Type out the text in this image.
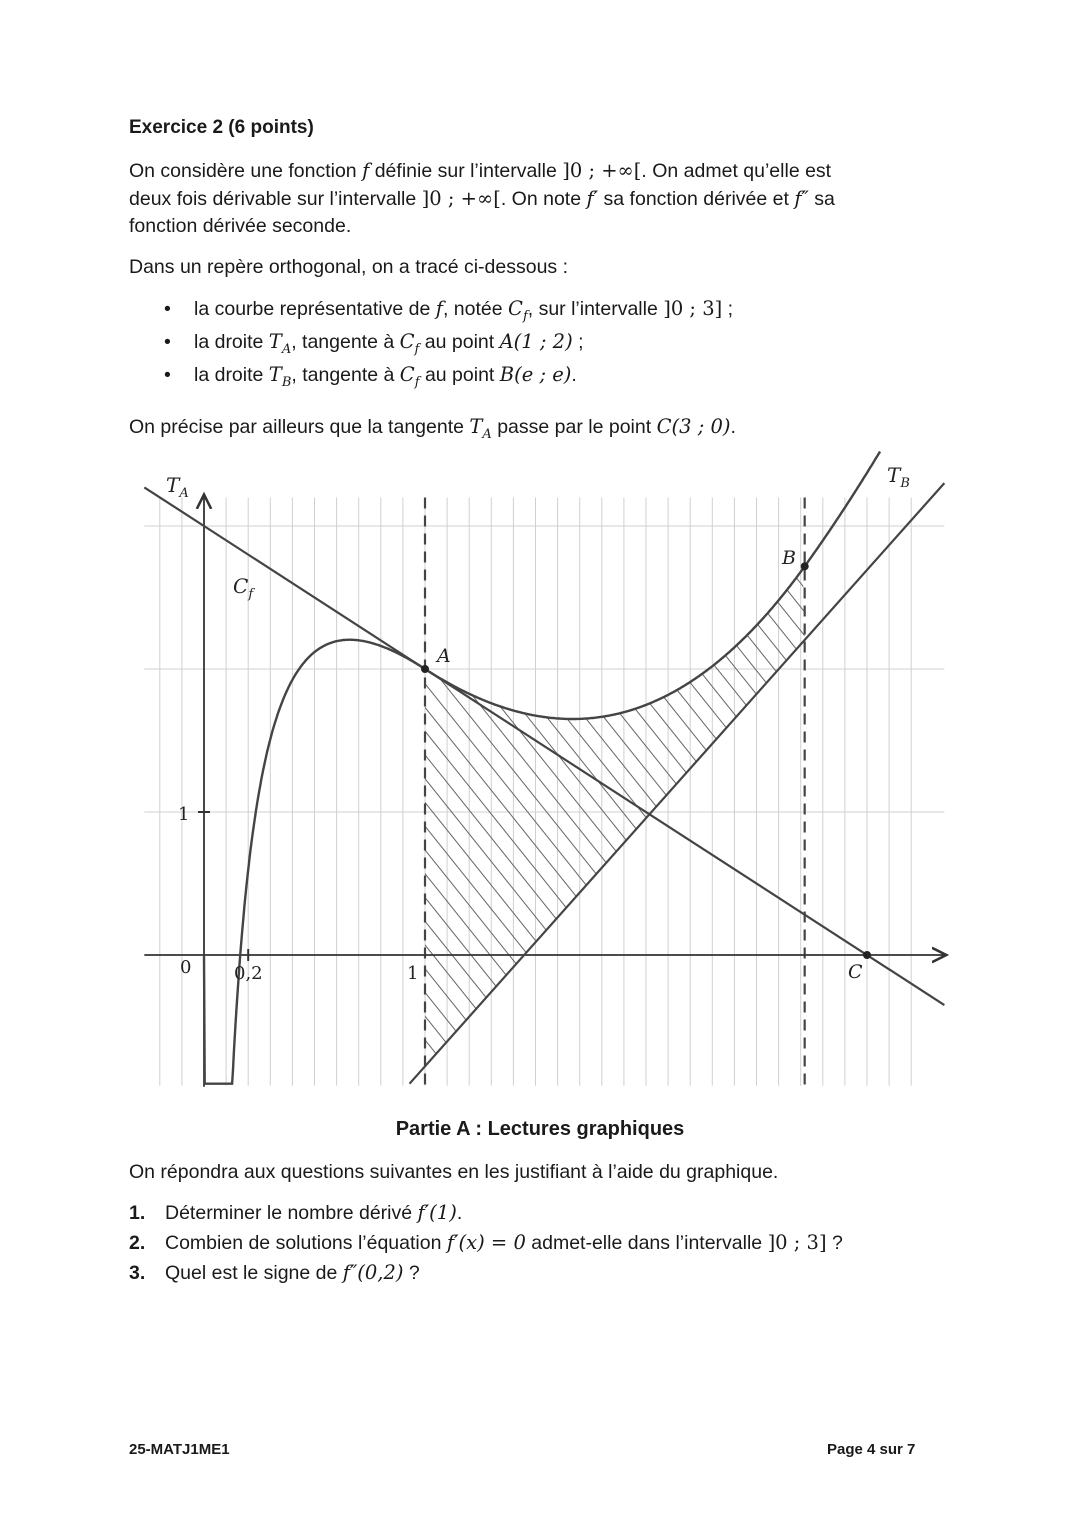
Exercice 2 (6 points)
On considère une fonction f définie sur l’intervalle ]0 ; +∞[. On admet qu’elle est
deux fois dérivable sur l’intervalle ]0 ; +∞[. On note f′ sa fonction dérivée et f″ sa
fonction dérivée seconde.
Dans un repère orthogonal, on a tracé ci-dessous :
• la courbe représentative de f, notée $C_f$, sur l’intervalle ]0 ; 3] ;
• la droite $T_A$, tangente à $C_f$ au point A(1 ; 2) ;
• la droite $T_B$, tangente à $C_f$ au point B(e ; e).
On précise par ailleurs que la tangente $T_A$ passe par le point C(3 ; 0).
$T_A$
$T_B$
$C_f$
A
B
C
0 0,2	1
1
Partie A : Lectures graphiques
On répondra aux questions suivantes en les justifiant à l’aide du graphique.
1. Déterminer le nombre dérivé f′(1).
2. Combien de solutions l’équation f′(x) = 0 admet-elle dans l’intervalle ]0 ; 3] ?
3. Quel est le signe de f″(0,2) ?
25-MATJ1ME1	Page 4 sur 7
